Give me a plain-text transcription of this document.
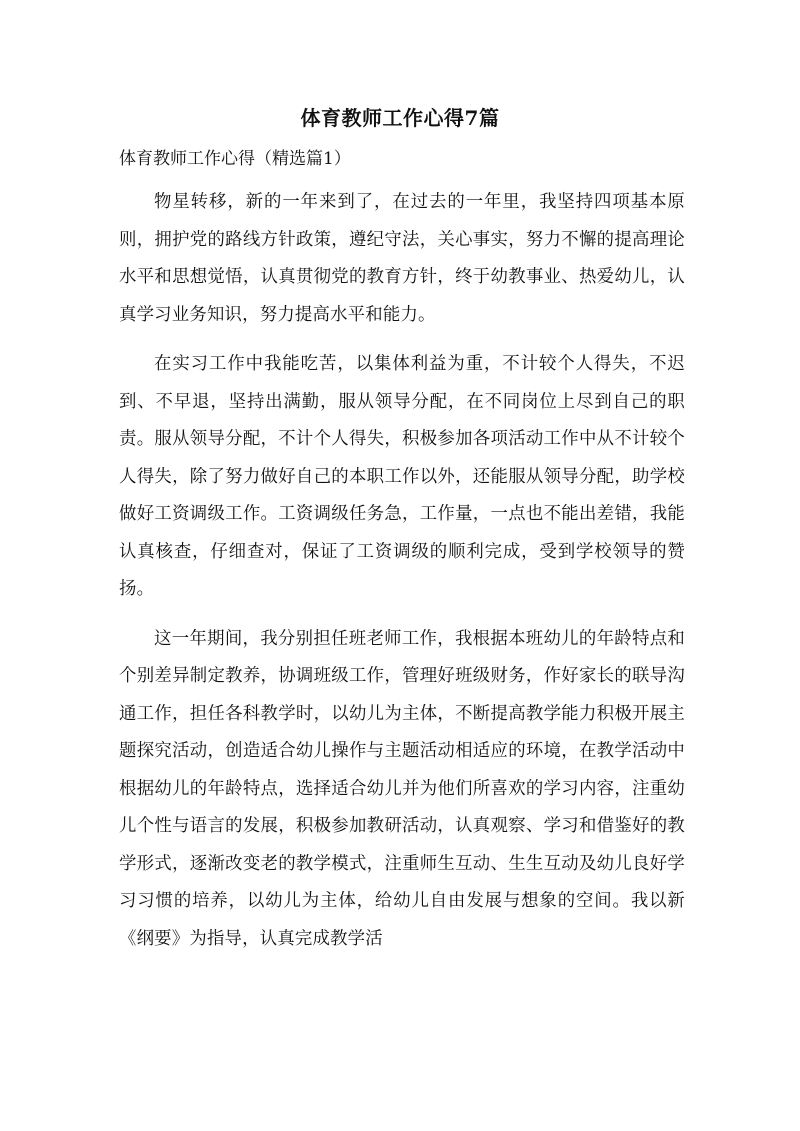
体育教师工作心得7篇
体育教师工作心得（精选篇1）

物星转移，新的一年来到了，在过去的一年里，我坚持四项基本原则，拥护党的路线方针政策，遵纪守法，关心事实，努力不懈的提高理论水平和思想觉悟，认真贯彻党的教育方针，终于幼教事业、热爱幼儿，认真学习业务知识，努力提高水平和能力。

在实习工作中我能吃苦，以集体利益为重，不计较个人得失，不迟到、不早退，坚持出满勤，服从领导分配，在不同岗位上尽到自己的职责。服从领导分配，不计个人得失，积极参加各项活动工作中从不计较个人得失，除了努力做好自己的本职工作以外，还能服从领导分配，助学校做好工资调级工作。工资调级任务急，工作量，一点也不能出差错，我能认真核查，仔细查对，保证了工资调级的顺利完成，受到学校领导的赞扬。

这一年期间，我分别担任班老师工作，我根据本班幼儿的年龄特点和个别差异制定教养，协调班级工作，管理好班级财务，作好家长的联导沟通工作，担任各科教学时，以幼儿为主体，不断提高教学能力积极开展主题探究活动，创造适合幼儿操作与主题活动相适应的环境，在教学活动中根据幼儿的年龄特点，选择适合幼儿并为他们所喜欢的学习内容，注重幼儿个性与语言的发展，积极参加教研活动，认真观察、学习和借鉴好的教学形式，逐渐改变老的教学模式，注重师生互动、生生互动及幼儿良好学习习惯的培养，以幼儿为主体，给幼儿自由发展与想象的空间。我以新《纲要》为指导，认真完成教学活
